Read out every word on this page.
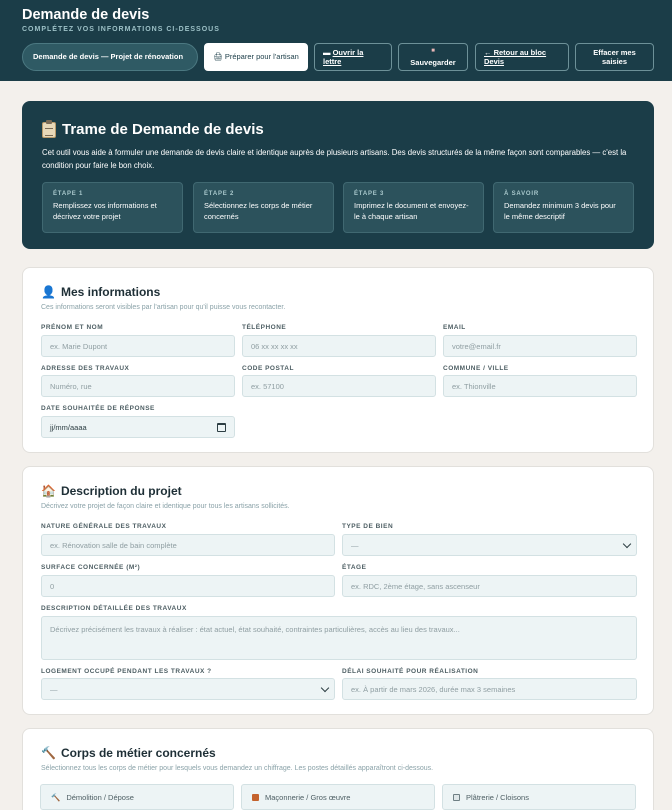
Demande de devis
COMPLÉTEZ VOS INFORMATIONS CI-DESSOUS
Demande de devis — Projet de rénovation	🖨 Préparer pour l'artisan
▬ Ouvrir la lettre
■
Sauvegarder
← Retour au bloc Devis
Effacer mes saisies
Trame de Demande de devis
Cet outil vous aide à formuler une demande de devis claire et identique auprès de plusieurs artisans. Des devis structurés de la même façon sont comparables — c'est la condition pour faire le bon choix.
ÉTAPE 1
Remplissez vos informations et décrivez votre projet
ÉTAPE 2
Sélectionnez les corps de métier concernés
ÉTAPE 3
Imprimez le document et envoyez-le à chaque artisan
À SAVOIR
Demandez minimum 3 devis pour le même descriptif
👤 Mes informations
Ces informations seront visibles par l'artisan pour qu'il puisse vous recontacter.
PRÉNOM ET NOM
ex. Marie Dupont
TÉLÉPHONE
06 xx xx xx xx
EMAIL
votre@email.fr
ADRESSE DES TRAVAUX
Numéro, rue
CODE POSTAL
ex. 57100
COMMUNE / VILLE
ex. Thionville
DATE SOUHAITÉE DE RÉPONSE
jj/mm/aaaa
🏠 Description du projet
Décrivez votre projet de façon claire et identique pour tous les artisans sollicités.
NATURE GÉNÉRALE DES TRAVAUX
ex. Rénovation salle de bain complète
TYPE DE BIEN
—
SURFACE CONCERNÉE (M²)
0
ÉTAGE
ex. RDC, 2ème étage, sans ascenseur
DESCRIPTION DÉTAILLÉE DES TRAVAUX
Décrivez précisément les travaux à réaliser : état actuel, état souhaité, contraintes particulières, accès au lieu des travaux...
LOGEMENT OCCUPÉ PENDANT LES TRAVAUX ?
—
DÉLAI SOUHAITÉ POUR RÉALISATION
ex. À partir de mars 2026, durée max 3 semaines
🔨 Corps de métier concernés
Sélectionnez tous les corps de métier pour lesquels vous demandez un chiffrage. Les postes détaillés apparaîtront ci-dessous.
🔨 Démolition / Dépose	Maçonnerie / Gros œuvre	Plâtrerie / Cloisons
